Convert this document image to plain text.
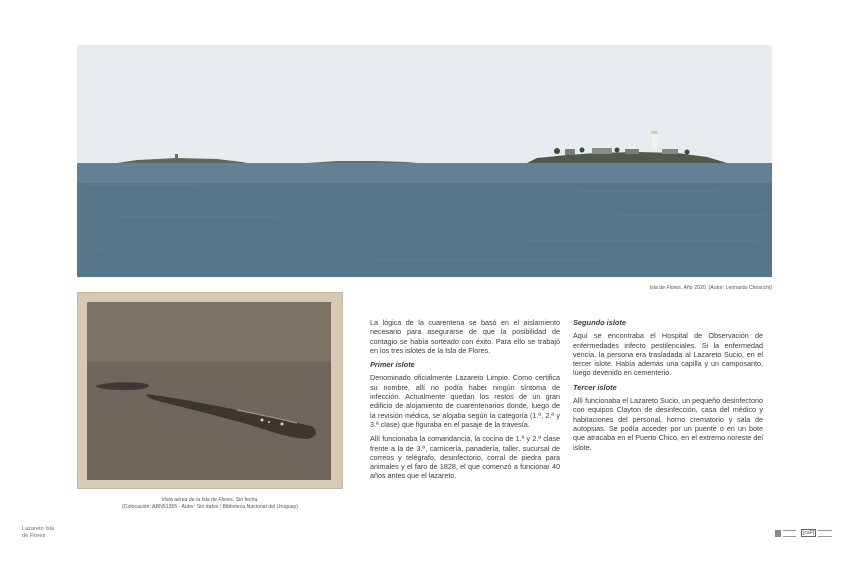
Isla de Flores. Año 2020. (Autor: Leonardo Choscchi)
Vista aérea de la Isla de Flores. Sin fecha.
(Colocación: ABN51355 · Autor: Sin datos / Biblioteca Nacional del Uruguay)

La lógica de la cuarentena se basó en el aislamiento necesario para asegurarse de que la posibilidad de contagio se había sorteado con éxito. Para ello se trabajó en los tres islotes de la Isla de Flores.

Primer islote

Denominado oficialmente Lazareto Limpio. Como certifica su nombre, allí no podía haber ningún síntoma de infección. Actualmente quedan los restos de un gran edificio de alojamiento de cuarentenarios donde, luego de la revisión médica, se alojaba según la categoría (1.ª, 2.ª y 3.ª clase) que figuraba en el pasaje de la travesía.

Allí funcionaba la comandancia, la cocina de 1.ª y 2.ª clase frente a la de 3.ª, carnicería, panadería, taller, sucursal de correos y telégrafo, desinfectorio, corral de piedra para animales y el faro de 1828, el que comenzó a funcionar 40 años antes que el lazareto.

Segundo islote

Aquí se encontraba el Hospital de Observación de enfermedades infecto pestilenciales. Si la enfermedad vencía, la persona era trasladada al Lazareto Sucio, en el tercer islote. Había además una capilla y un camposanto, luego devenido en cementerio.

Tercer islote

Allí funcionaba el Lazareto Sucio, un pequeño desinfectorio con equipos Clayton de desinfección, casa del médico y habitaciones del personal, horno crematorio y sala de autopsias. Se podía acceder por un puente o en un bote que atracaba en el Puerto Chico, en el extremo noreste del islote.

Lazareto Isla
de Flores	[caP]
